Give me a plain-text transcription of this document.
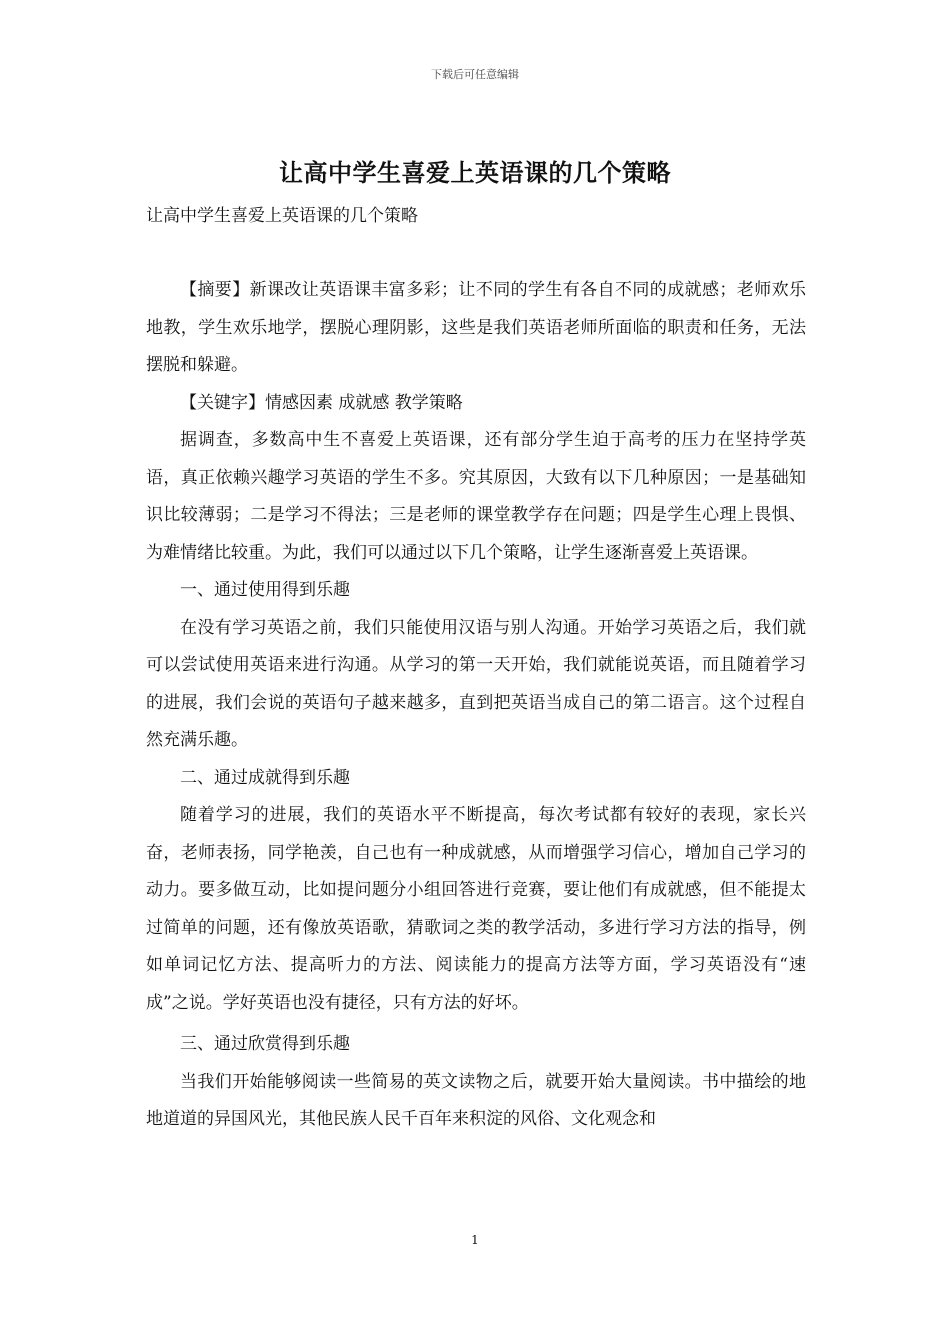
下载后可任意编辑
让高中学生喜爱上英语课的几个策略
让高中学生喜爱上英语课的几个策略

【摘要】新课改让英语课丰富多彩；让不同的学生有各自不同的成就感；老师欢乐地教，学生欢乐地学，摆脱心理阴影，这些是我们英语老师所面临的职责和任务，无法摆脱和躲避。

【关键字】情感因素 成就感 教学策略

据调查，多数高中生不喜爱上英语课，还有部分学生迫于高考的压力在坚持学英语，真正依赖兴趣学习英语的学生不多。究其原因，大致有以下几种原因；一是基础知识比较薄弱；二是学习不得法；三是老师的课堂教学存在问题；四是学生心理上畏惧、为难情绪比较重。为此，我们可以通过以下几个策略，让学生逐渐喜爱上英语课。

一、通过使用得到乐趣

在没有学习英语之前，我们只能使用汉语与别人沟通。开始学习英语之后，我们就可以尝试使用英语来进行沟通。从学习的第一天开始，我们就能说英语，而且随着学习的进展，我们会说的英语句子越来越多，直到把英语当成自己的第二语言。这个过程自然充满乐趣。

二、通过成就得到乐趣

随着学习的进展，我们的英语水平不断提高，每次考试都有较好的表现，家长兴奋，老师表扬，同学艳羡，自己也有一种成就感，从而增强学习信心，增加自己学习的动力。要多做互动，比如提问题分小组回答进行竞赛，要让他们有成就感，但不能提太过简单的问题，还有像放英语歌，猜歌词之类的教学活动，多进行学习方法的指导，例如单词记忆方法、提高听力的方法、阅读能力的提高方法等方面，学习英语没有“速成”之说。学好英语也没有捷径，只有方法的好坏。

三、通过欣赏得到乐趣

当我们开始能够阅读一些简易的英文读物之后，就要开始大量阅读。书中描绘的地地道道的异国风光，其他民族人民千百年来积淀的风俗、文化观念和

1
